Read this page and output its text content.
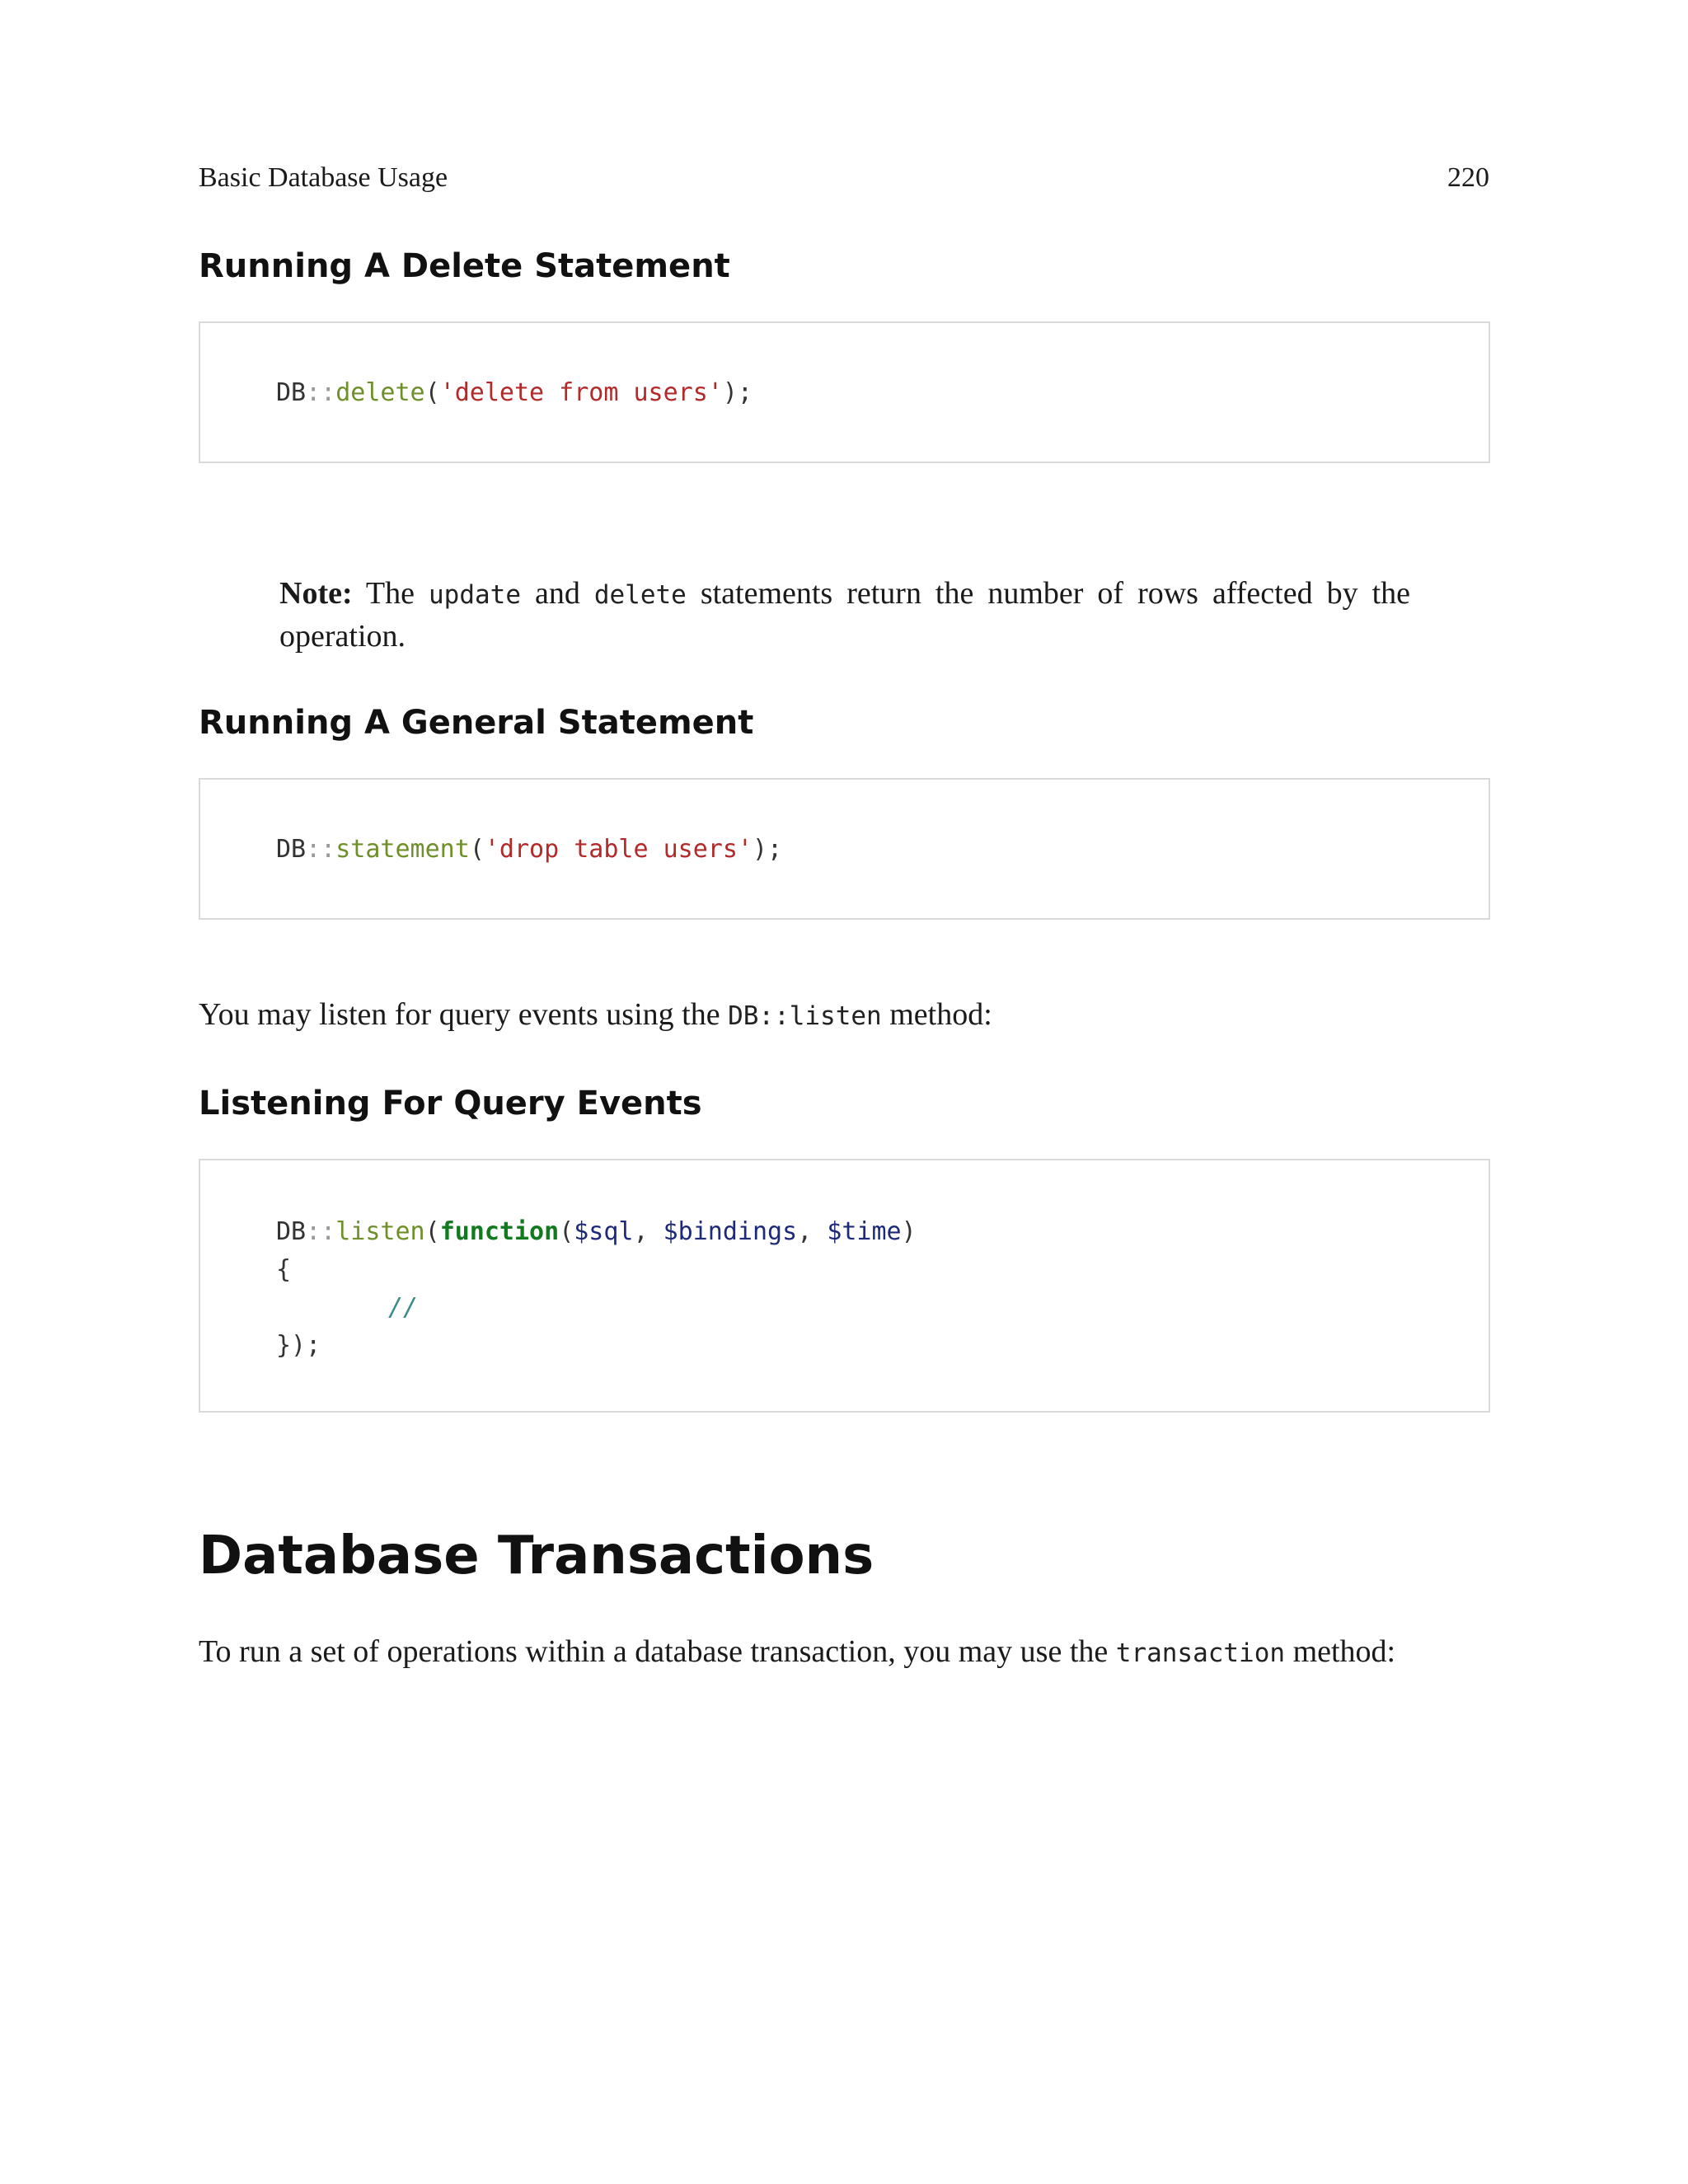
Basic Database Usage	220
Running A Delete Statement
DB::delete('delete from users');
Note: The update and delete statements return the number of rows affected by the operation.
Running A General Statement
DB::statement('drop table users');
You may listen for query events using the DB::listen method:
Listening For Query Events
DB::listen(function($sql, $bindings, $time)
{
//
});
Database Transactions
To run a set of operations within a database transaction, you may use the transaction method:
